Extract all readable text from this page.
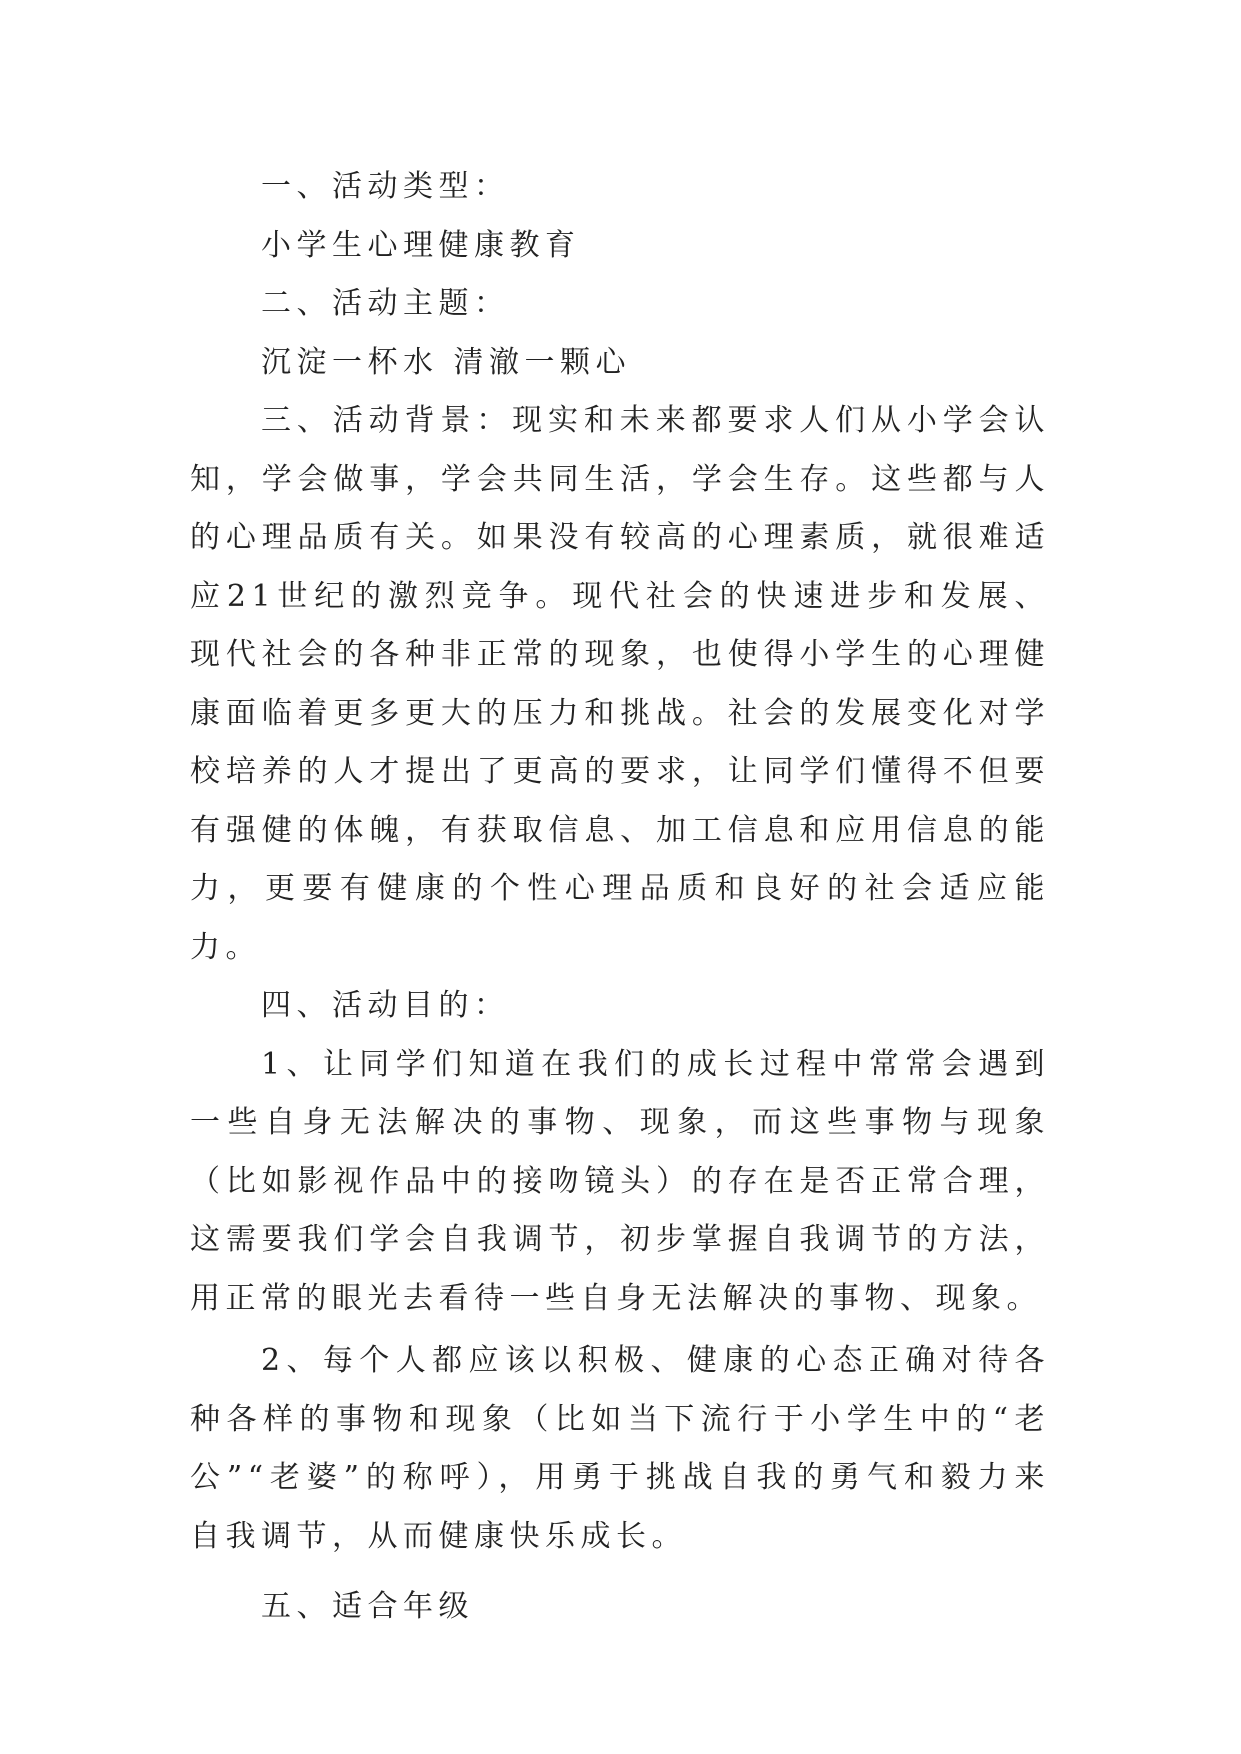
一、活动类型：

小学生心理健康教育

二、活动主题：

沉淀一杯水 清澈一颗心

三、活动背景：现实和未来都要求人们从小学会认知，学会做事，学会共同生活，学会生存。这些都与人的心理品质有关。如果没有较高的心理素质，就很难适应21世纪的激烈竞争。现代社会的快速进步和发展、现代社会的各种非正常的现象，也使得小学生的心理健康面临着更多更大的压力和挑战。社会的发展变化对学校培养的人才提出了更高的要求，让同学们懂得不但要有强健的体魄，有获取信息、加工信息和应用信息的能力，更要有健康的个性心理品质和良好的社会适应能力。

四、活动目的：

1、让同学们知道在我们的成长过程中常常会遇到一些自身无法解决的事物、现象，而这些事物与现象（比如影视作品中的接吻镜头）的存在是否正常合理，这需要我们学会自我调节，初步掌握自我调节的方法，用正常的眼光去看待一些自身无法解决的事物、现象。

2、每个人都应该以积极、健康的心态正确对待各种各样的事物和现象（比如当下流行于小学生中的“老公”“老婆”的称呼），用勇于挑战自我的勇气和毅力来自我调节，从而健康快乐成长。

五、适合年级
